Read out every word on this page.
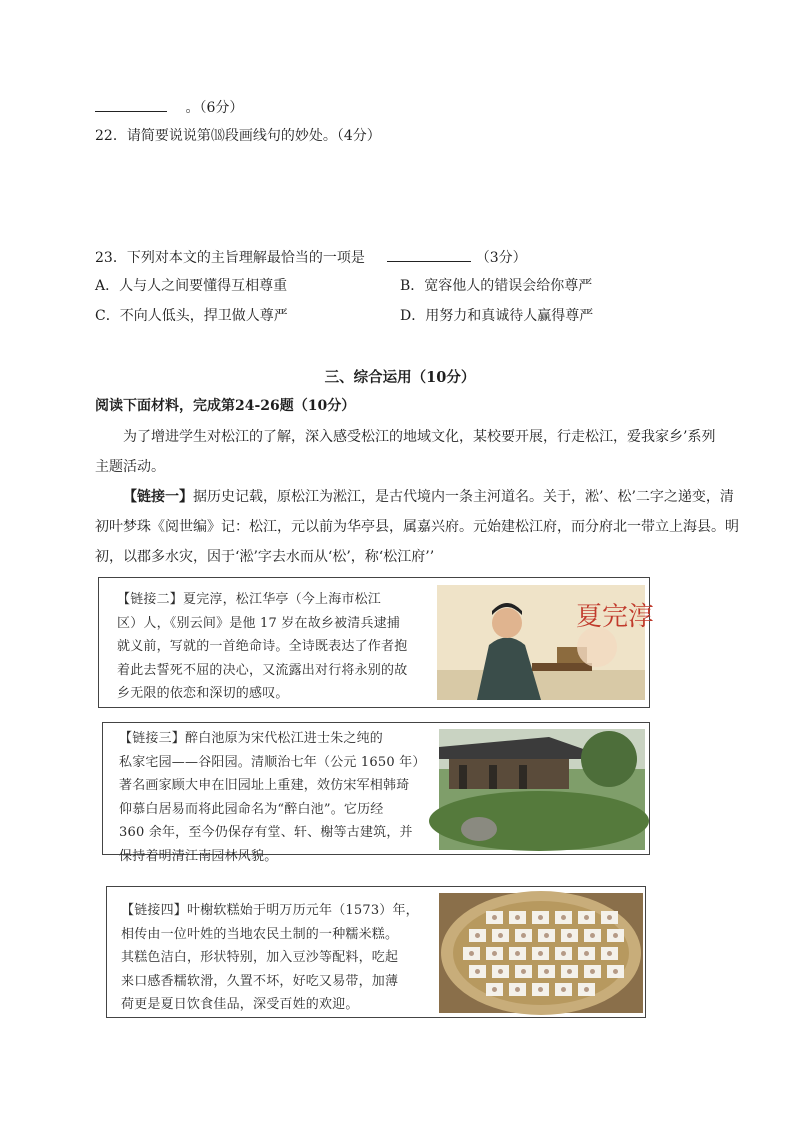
。（6分）
22．请简要说说第⒅段画线句的妙处。（4分）
23．下列对本文的主旨理解最恰当的一项是	（3分）
A．人与人之间要懂得互相尊重	B．宽容他人的错误会给你尊严
C．不向人低头，捍卫做人尊严	D．用努力和真诚待人赢得尊严
三、综合运用（10分）
阅读下面材料，完成第24-26题（10分）
为了增进学生对松江的了解，深入感受松江的地域文化，某校要开展，行走松江，爱我家乡’系列
主题活动。
【链接一】据历史记载，原松江为淞江，是古代境内一条主河道名。关于，淞’、松’二字之递变，清
初叶梦珠《阅世编》记：松江，元以前为华亭县，属嘉兴府。元始建松江府，而分府北一带立上海县。明
初，以郡多水灾，因于‘淞’字去水而从‘松’，称‘松江府’’
【链接二】夏完淳，松江华亭（今上海市松江
区）人，《别云间》是他 17 岁在故乡被清兵逮捕
就义前，写就的一首绝命诗。全诗既表达了作者抱
着此去誓死不屈的决心，又流露出对行将永别的故
乡无限的依恋和深切的感叹。
夏完淳
【链接三】醉白池原为宋代松江进士朱之纯的
私家宅园——谷阳园。清顺治七年（公元 1650 年）
著名画家顾大申在旧园址上重建，效仿宋军相韩琦
仰慕白居易而将此园命名为“醉白池”。它历经
360 余年，至今仍保存有堂、轩、榭等古建筑，并
保持着明清江南园林风貌。
【链接四】叶榭软糕始于明万历元年（1573）年，
相传由一位叶姓的当地农民土制的一种糯米糕。
其糕色洁白，形状特别，加入豆沙等配料，吃起
来口感香糯软滑，久置不坏，好吃又易带，加薄
荷更是夏日饮食佳品，深受百姓的欢迎。
